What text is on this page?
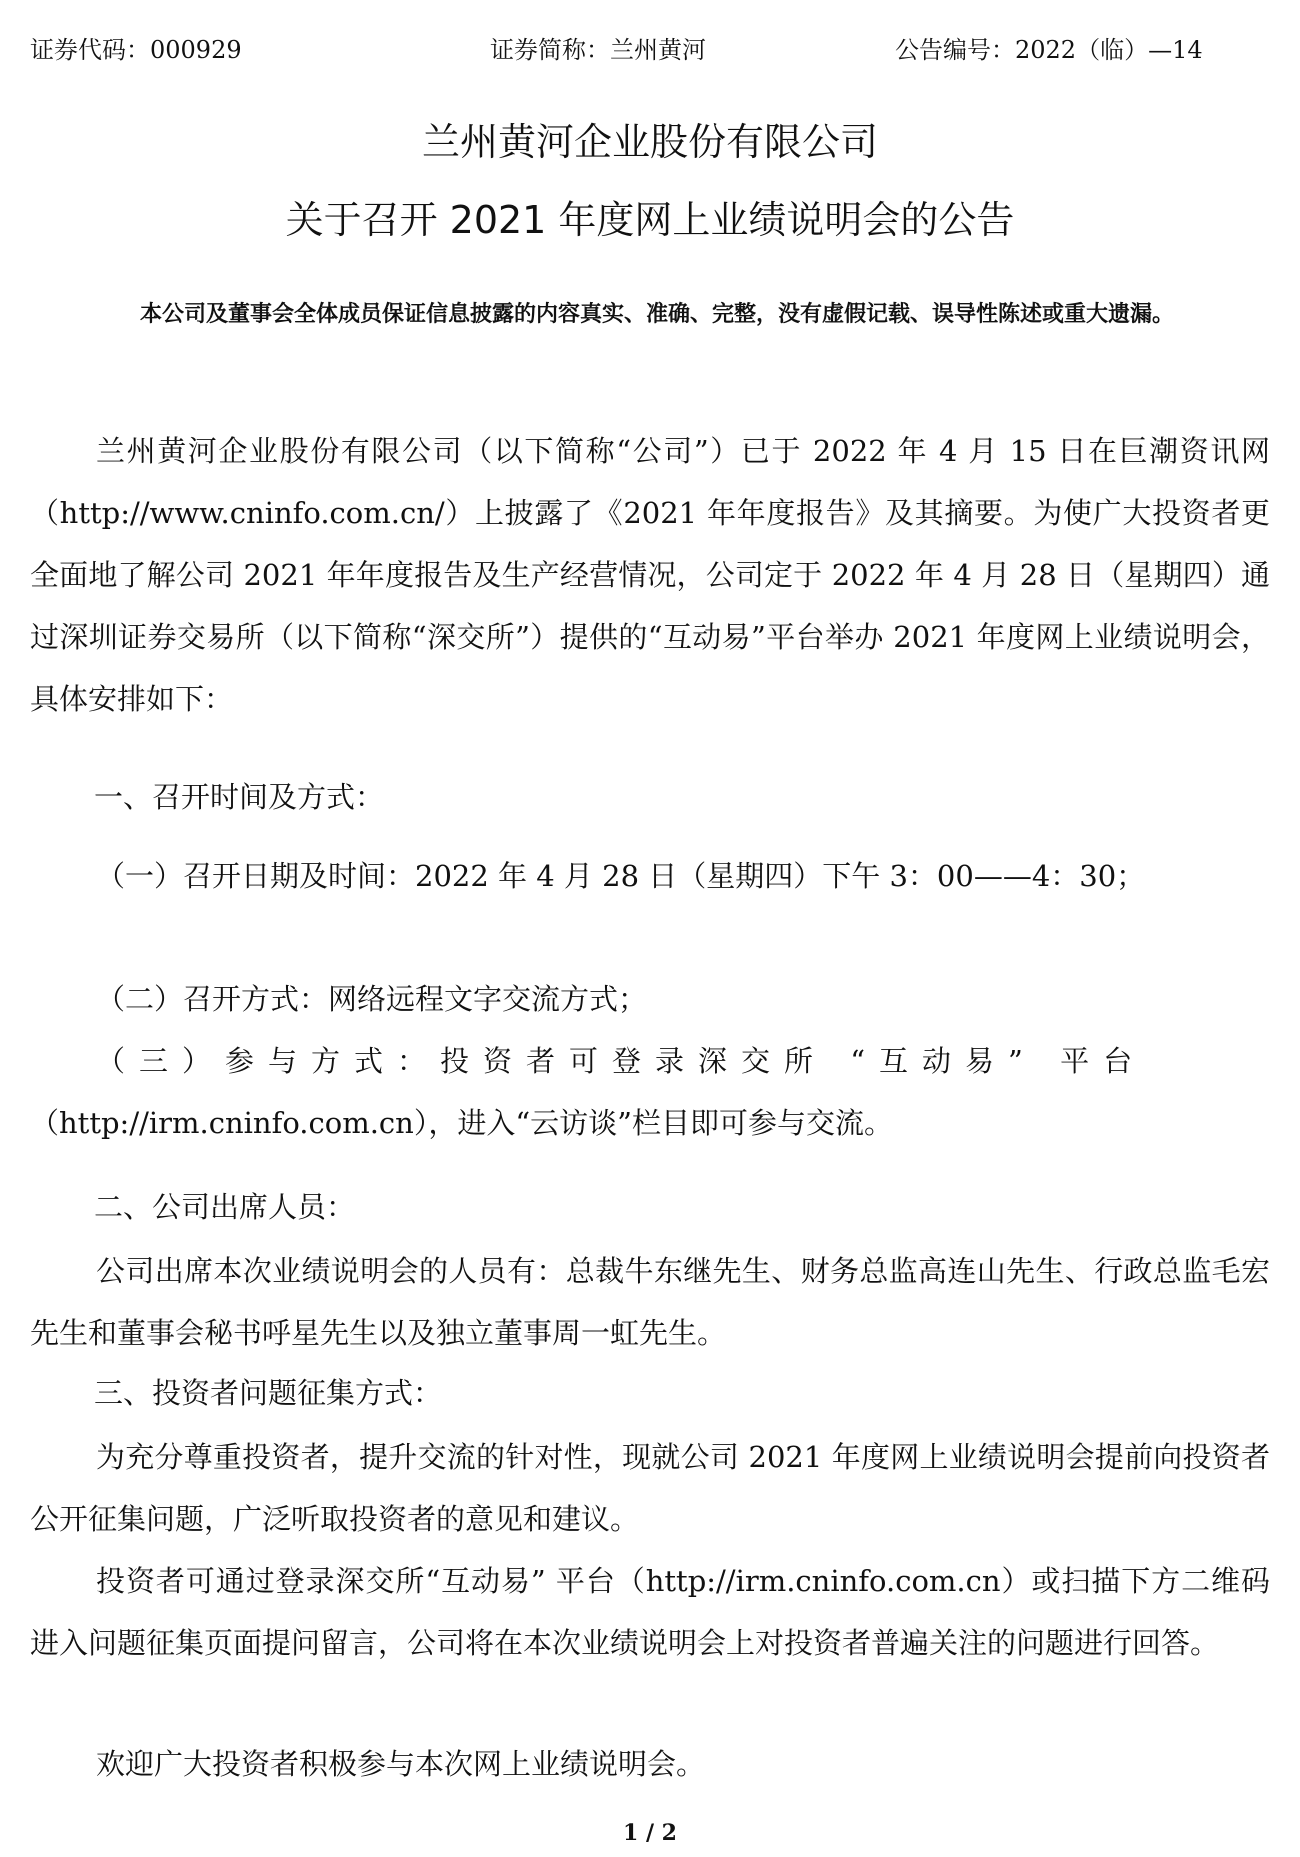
证券代码：000929	证券简称：兰州黄河	公告编号：2022（临）—14
兰州黄河企业股份有限公司
关于召开 2021 年度网上业绩说明会的公告
本公司及董事会全体成员保证信息披露的内容真实、准确、完整，没有虚假记载、误导性陈述或重大遗漏。
兰州黄河企业股份有限公司（以下简称“公司”）已于 2022 年 4 月 15 日在巨潮资讯网（http://www.cninfo.com.cn/）上披露了《2021 年年度报告》及其摘要。为使广大投资者更全面地了解公司 2021 年年度报告及生产经营情况，公司定于 2022 年 4 月 28 日（星期四）通过深圳证券交易所（以下简称“深交所”）提供的“互动易”平台举办 2021 年度网上业绩说明会，具体安排如下：
一、召开时间及方式：
（一）召开日期及时间：2022 年 4 月 28 日（星期四）下午 3：00——4：30；
（二）召开方式：网络远程文字交流方式；
（三）参与方式：投资者可登录深交所 “互动易” 平台
（http://irm.cninfo.com.cn），进入“云访谈”栏目即可参与交流。
二、公司出席人员：
公司出席本次业绩说明会的人员有：总裁牛东继先生、财务总监高连山先生、行政总监毛宏先生和董事会秘书呼星先生以及独立董事周一虹先生。
三、投资者问题征集方式：
为充分尊重投资者，提升交流的针对性，现就公司 2021 年度网上业绩说明会提前向投资者公开征集问题，广泛听取投资者的意见和建议。
投资者可通过登录深交所“互动易” 平台（http://irm.cninfo.com.cn）或扫描下方二维码进入问题征集页面提问留言，公司将在本次业绩说明会上对投资者普遍关注的问题进行回答。
欢迎广大投资者积极参与本次网上业绩说明会。
1 / 2
